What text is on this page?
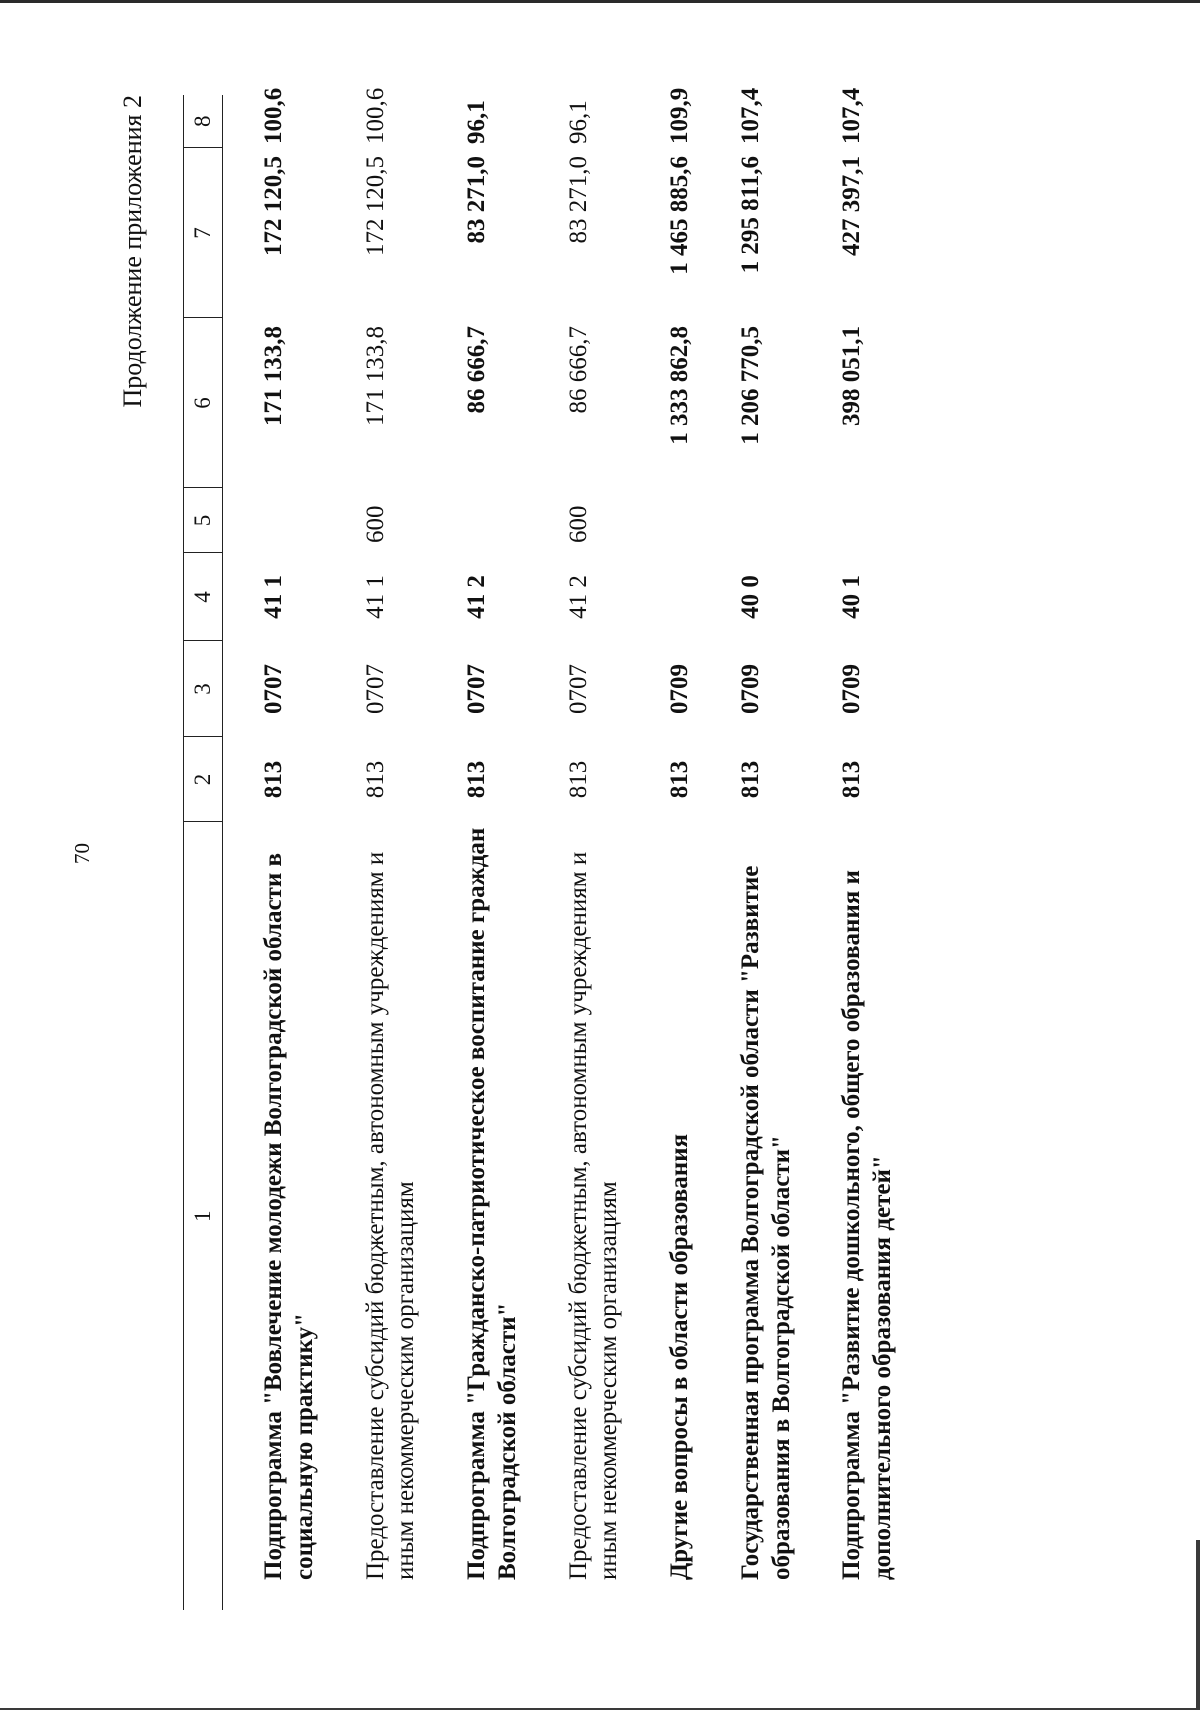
70
Продолжение приложения 2
1	2	3	4	5	6	7	8
Подпрограмма "Вовлечение молодежи Волгоградской области в социальную практику"	813	0707	41 1		171 133,8	172 120,5	100,6
Предоставление субсидий бюджетным, автономным учреждениям и иным некоммерческим организациям	813	0707	41 1	600	171 133,8	172 120,5	100,6
Подпрограмма "Гражданско-патриотическое воспитание граждан Волгоградской области"	813	0707	41 2		86 666,7	83 271,0	96,1
Предоставление субсидий бюджетным, автономным учреждениям и иным некоммерческим организациям	813	0707	41 2	600	86 666,7	83 271,0	96,1
Другие вопросы в области образования	813	0709			1 333 862,8	1 465 885,6	109,9
Государственная программа Волгоградской области "Развитие образования в Волгоградской области"	813	0709	40 0		1 206 770,5	1 295 811,6	107,4
Подпрограмма "Развитие дошкольного, общего образования и дополнительного образования детей"	813	0709	40 1		398 051,1	427 397,1	107,4
